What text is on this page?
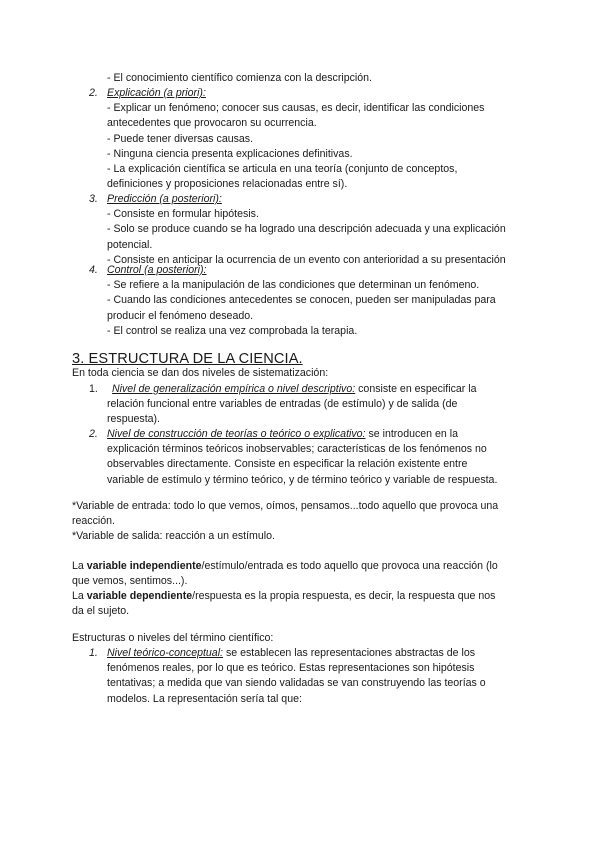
- El conocimiento científico comienza con la descripción.
2. Explicación (a priori):
- Explicar un fenómeno; conocer sus causas, es decir, identificar las condiciones
antecedentes que provocaron su ocurrencia.
- Puede tener diversas causas.
- Ninguna ciencia presenta explicaciones definitivas.
- La explicación científica se articula en una teoría (conjunto de conceptos,
definiciones y proposiciones relacionadas entre sí).
3. Predicción (a posteriori):
- Consiste en formular hipótesis.
- Solo se produce cuando se ha logrado una descripción adecuada y una explicación
potencial.
- Consiste en anticipar la ocurrencia de un evento con anterioridad a su presentación
4. Control (a posteriori):
- Se refiere a la manipulación de las condiciones que determinan un fenómeno.
- Cuando las condiciones antecedentes se conocen, pueden ser manipuladas para
producir el fenómeno deseado.
- El control se realiza una vez comprobada la terapia.
3. ESTRUCTURA DE LA CIENCIA.
En toda ciencia se dan dos niveles de sistematización:
1. Nivel de generalización empírica o nivel descriptivo: consiste en especificar la
relación funcional entre variables de entradas (de estímulo) y de salida (de
respuesta).
2. Nivel de construcción de teorías o teórico o explicativo: se introducen en la
explicación términos teóricos inobservables; características de los fenómenos no
observables directamente. Consiste en especificar la relación existente entre
variable de estímulo y término teórico, y de término teórico y variable de respuesta.
*Variable de entrada: todo lo que vemos, oímos, pensamos...todo aquello que provoca una
reacción.
*Variable de salida: reacción a un estímulo.
La variable independiente/estímulo/entrada es todo aquello que provoca una reacción (lo
que vemos, sentimos...).
La variable dependiente/respuesta es la propia respuesta, es decir, la respuesta que nos
da el sujeto.
Estructuras o niveles del término científico:
1. Nivel teórico-conceptual: se establecen las representaciones abstractas de los
fenómenos reales, por lo que es teórico. Estas representaciones son hipótesis
tentativas; a medida que van siendo validadas se van construyendo las teorías o
modelos. La representación sería tal que:
